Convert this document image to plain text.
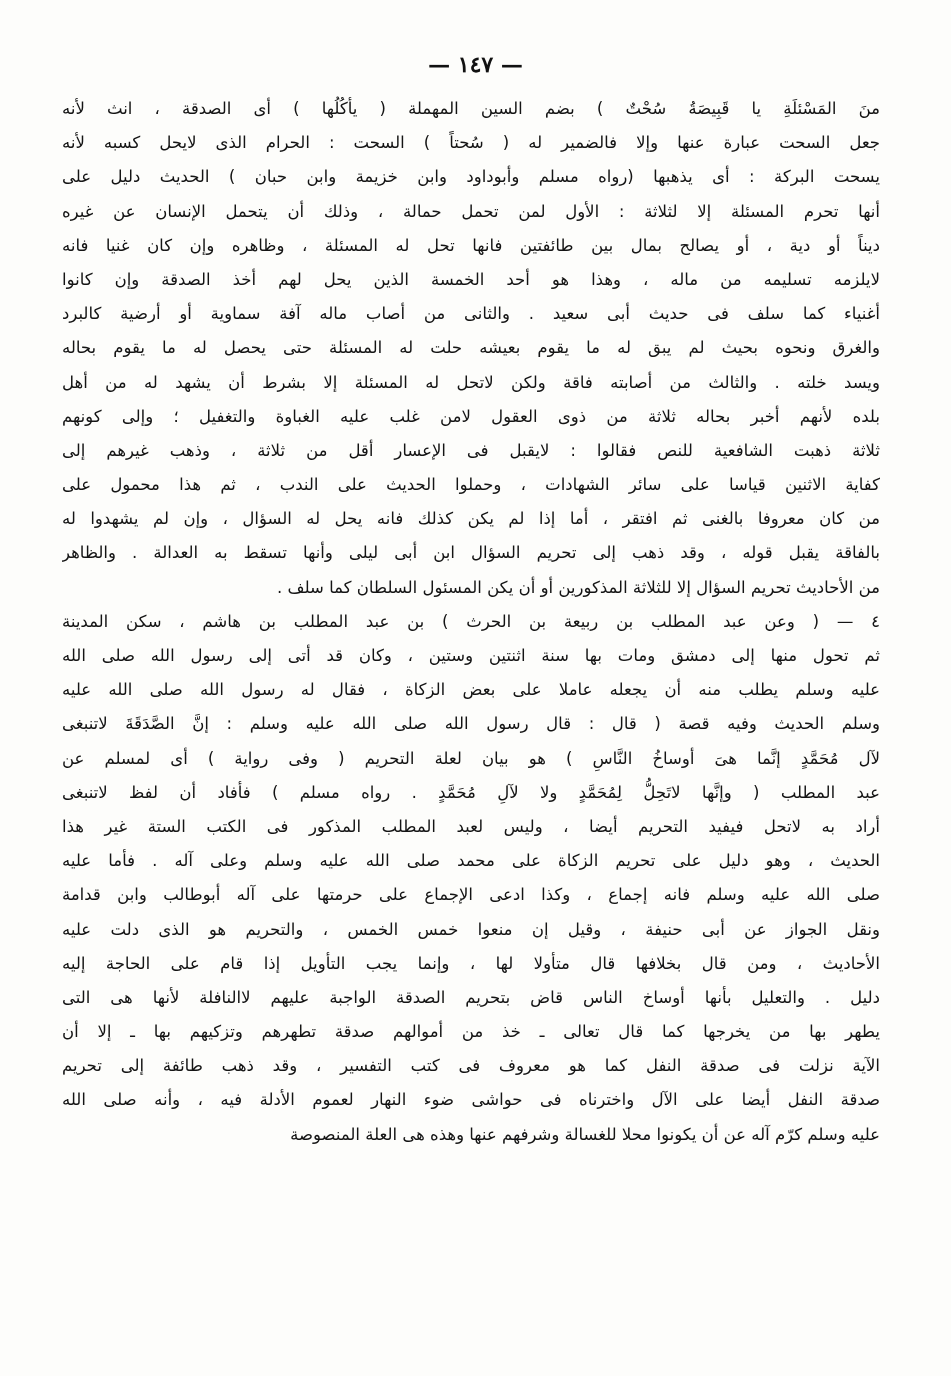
— ١٤٧ —
منَ المَسْئلَةِ يا قَبِيصَةُ سُحْتٌ ) بضم السين المهملة ( يأكُلُها ) أى الصدقة ، انث لأنه
جعل السحت عبارة عنها وإلا فالضمير له ( سُحتاً ) السحت : الحرام الذى لايحل كسبه لأنه
يسحت البركة : أى يذهبها (رواه مسلم وأبوداود وابن خزيمة وابن حبان ) الحديث دليل على
أنها تحرم المسئلة إلا لثلاثة : الأول لمن تحمل حمالة ، وذلك أن يتحمل الإنسان عن غيره
ديناً أو دية ، أو يصالح بمال بين طائفتين فانها تحل له المسئلة ، وظاهره وإن كان غنيا فانه
لايلزمه تسليمه من ماله ، وهذا هو أحد الخمسة الذين يحل لهم أخذ الصدقة وإن كانوا
أغنياء كما سلف فى حديث أبى سعيد . والثانى من أصاب ماله آفة سماوية أو أرضية كالبرد
والغرق ونحوه بحيث لم يبق له ما يقوم بعيشه حلت له المسئلة حتى يحصل له ما يقوم بحاله
ويسد خلته . والثالث من أصابته فاقة ولكن لاتحل له المسئلة إلا بشرط أن يشهد له من أهل
بلده لأنهم أخبر بحاله ثلاثة من ذوى العقول لامن غلب عليه الغباوة والتغفيل ؛ وإلى كونهم
ثلاثة ذهبت الشافعية للنص فقالوا : لايقبل فى الإعسار أقل من ثلاثة ، وذهب غيرهم إلى
كفاية الاثنين قياسا على سائر الشهادات ، وحملوا الحديث على الندب ، ثم هذا محمول على
من كان معروفا بالغنى ثم افتقر ، أما إذا لم يكن كذلك فانه يحل له السؤال ، وإن لم يشهدوا له
بالفاقة يقبل قوله ، وقد ذهب إلى تحريم السؤال ابن أبى ليلى وأنها تسقط به العدالة . والظاهر
من الأحاديث تحريم السؤال إلا للثلاثة المذكورين أو أن يكن المسئول السلطان كما سلف .
٤ — ( وعن عبد المطلب بن ربيعة بن الحرث ) بن عبد المطلب بن هاشم ، سكن المدينة
ثم تحول منها إلى دمشق ومات بها سنة اثنتين وستين ، وكان قد أتى إلى رسول الله صلى الله
عليه وسلم يطلب منه أن يجعله عاملا على بعض الزكاة ، فقال له رسول الله صلى الله عليه
وسلم الحديث وفيه قصة ( قال : قال رسول الله صلى الله عليه وسلم : إنَّ الصَّدَقَةَ لاتنبغى
لآل مُحَمَّدٍ إنَّما هىَ أوساخُ النَّاسِ ) هو بيان لعلة التحريم ( وفى رواية ) أى لمسلم عن
عبد المطلب ( وإنَّها لاتَحِلُّ لِمُحَمَّدٍ ولا لآلِ مُحَمَّدٍ . رواه مسلم ) فأفاد أن لفظ لاتنبغى
أراد به لاتحل فيفيد التحريم أيضا ، وليس لعبد المطلب المذكور فى الكتب الستة غير هذا
الحديث ، وهو دليل على تحريم الزكاة على محمد صلى الله عليه وسلم وعلى آله . فأما عليه
صلى الله عليه وسلم فانه إجماع ، وكذا ادعى الإجماع على حرمتها على آله أبوطالب وابن قدامة
ونقل الجواز عن أبى حنيفة ، وقيل إن منعوا خمس الخمس ، والتحريم هو الذى دلت عليه
الأحاديث ، ومن قال بخلافها قال متأولا لها ، وإنما يجب التأويل إذا قام على الحاجة إليه
دليل . والتعليل بأنها أوساخ الناس قاض بتحريم الصدقة الواجبة عليهم لاالنافلة لأنها هى التى
يطهر بها من يخرجها كما قال تعالى ـ خذ من أموالهم صدقة تطهرهم وتزكيهم بها ـ إلا أن
الآية نزلت فى صدقة النفل كما هو معروف فى كتب التفسير ، وقد ذهب طائفة إلى تحريم
صدقة النفل أيضا على الآل واخترناه فى حواشى ضوء النهار لعموم الأدلة فيه ، وأنه صلى الله
عليه وسلم كرّم آله عن أن يكونوا محلا للغسالة وشرفهم عنها وهذه هى العلة المنصوصة
